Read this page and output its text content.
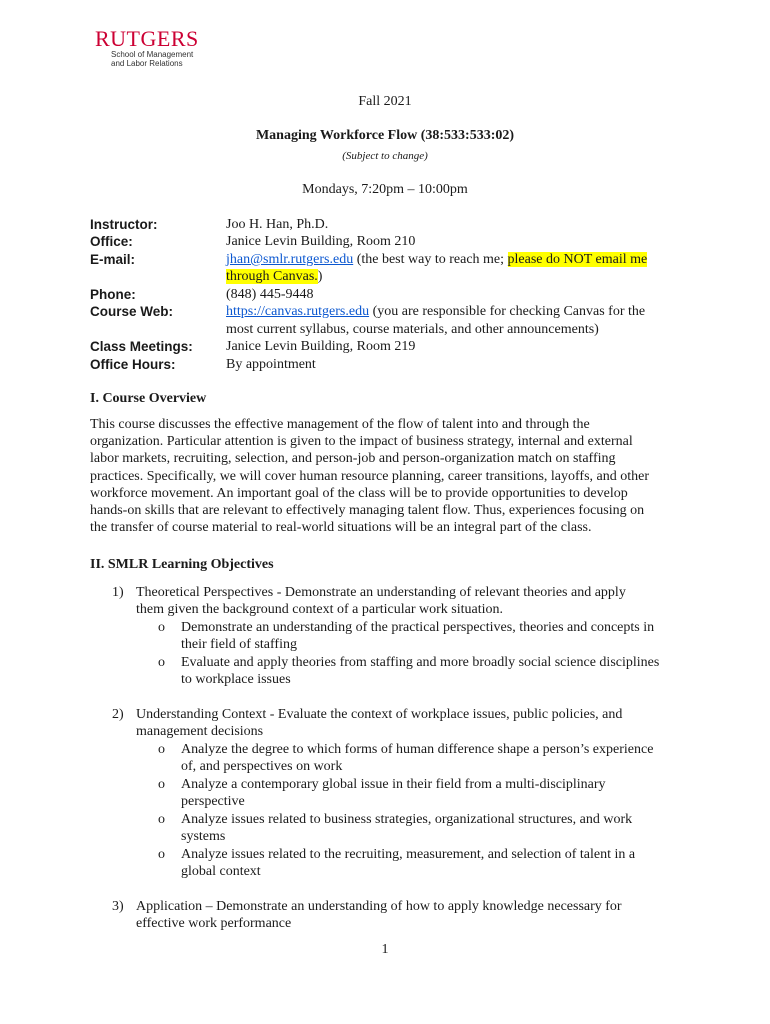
RUTGERS
School of Management
and Labor Relations
Fall 2021
Managing Workforce Flow (38:533:533:02)
(Subject to change)
Mondays, 7:20pm – 10:00pm
Instructor:	Joo H. Han, Ph.D.
Office:	Janice Levin Building, Room 210
E-mail:	jhan@smlr.rutgers.edu (the best way to reach me; please do NOT email me
through Canvas.)
Phone:	(848) 445-9448
Course Web:	https://canvas.rutgers.edu (you are responsible for checking Canvas for the
most current syllabus, course materials, and other announcements)
Class Meetings: Janice Levin Building, Room 219
Office Hours:	By appointment
I. Course Overview
This course discusses the effective management of the flow of talent into and through the
organization. Particular attention is given to the impact of business strategy, internal and external
labor markets, recruiting, selection, and person-job and person-organization match on staffing
practices. Specifically, we will cover human resource planning, career transitions, layoffs, and other
workforce movement. An important goal of the class will be to provide opportunities to develop
hands-on skills that are relevant to effectively managing talent flow. Thus, experiences focusing on
the transfer of course material to real-world situations will be an integral part of the class.
II. SMLR Learning Objectives
1) Theoretical Perspectives - Demonstrate an understanding of relevant theories and apply
them given the background context of a particular work situation.
o Demonstrate an understanding of the practical perspectives, theories and concepts in
their field of staffing
o Evaluate and apply theories from staffing and more broadly social science disciplines
to workplace issues
2) Understanding Context - Evaluate the context of workplace issues, public policies, and
management decisions
o Analyze the degree to which forms of human difference shape a person’s experience
of, and perspectives on work
o Analyze a contemporary global issue in their field from a multi-disciplinary
perspective
o Analyze issues related to business strategies, organizational structures, and work
systems
o Analyze issues related to the recruiting, measurement, and selection of talent in a
global context
3) Application – Demonstrate an understanding of how to apply knowledge necessary for
effective work performance
1
